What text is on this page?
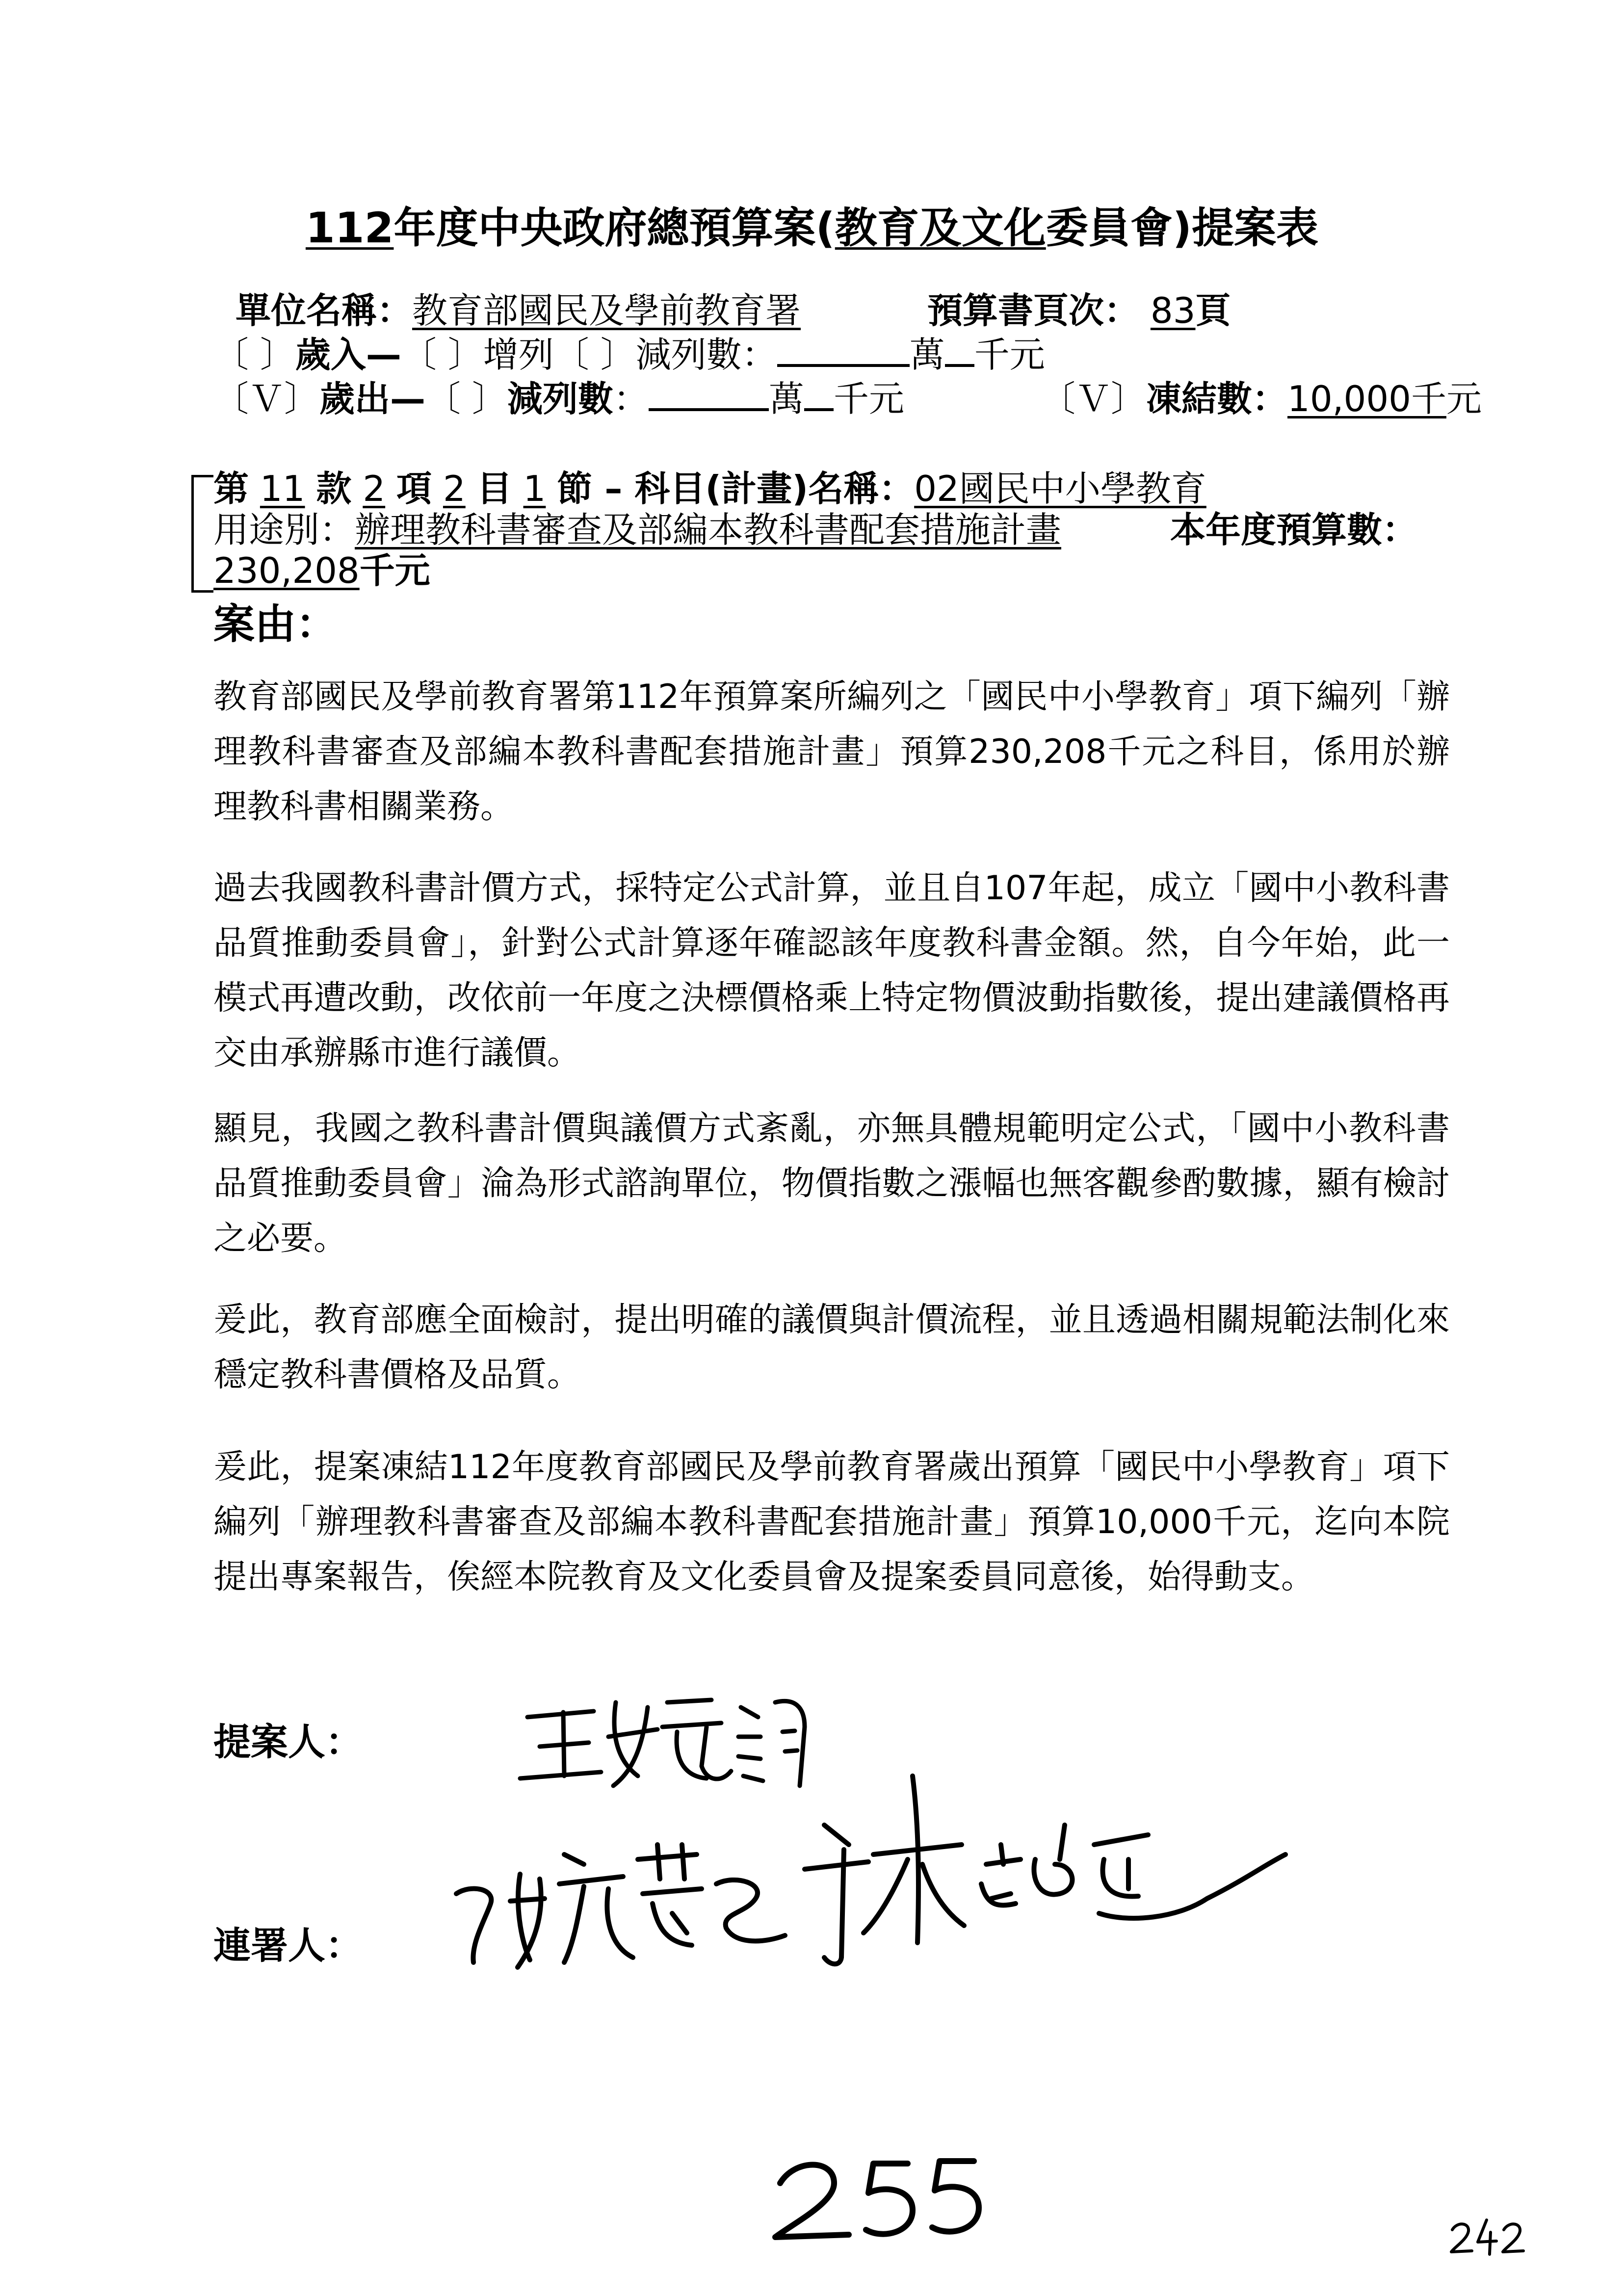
112年度中央政府總預算案(教育及文化委員會)提案表
單位名稱：教育部國民及學前教育署	預算書頁次： 83頁
〔 〕歲入—〔 〕增列〔 〕減列數：	萬 千元
〔Ｖ〕歲出—〔 〕減列數：	萬 千元	〔Ｖ〕凍結數：10,000千元
第 11 款 2 項 2 目 1 節 – 科目(計畫)名稱：02國民中小學教育
用途別：辦理教科書審查及部編本教科書配套措施計畫	本年度預算數：
230,208千元
案由：
教育部國民及學前教育署第112年預算案所編列之「國民中小學教育」項下編列「辦理教科書審查及部編本教科書配套措施計畫」預算230,208千元之科目，係用於辦理教科書相關業務。
過去我國教科書計價方式，採特定公式計算，並且自107年起，成立「國中小教科書品質推動委員會」，針對公式計算逐年確認該年度教科書金額。然，自今年始，此一模式再遭改動，改依前一年度之決標價格乘上特定物價波動指數後，提出建議價格再交由承辦縣市進行議價。
顯見，我國之教科書計價與議價方式紊亂，亦無具體規範明定公式，「國中小教科書品質推動委員會」淪為形式諮詢單位，物價指數之漲幅也無客觀參酌數據，顯有檢討之必要。
爰此，教育部應全面檢討，提出明確的議價與計價流程，並且透過相關規範法制化來穩定教科書價格及品質。
爰此，提案凍結112年度教育部國民及學前教育署歲出預算「國民中小學教育」項下編列「辦理教科書審查及部編本教科書配套措施計畫」預算10,000千元，迄向本院提出專案報告，俟經本院教育及文化委員會及提案委員同意後，始得動支。
提案人：
連署人：
